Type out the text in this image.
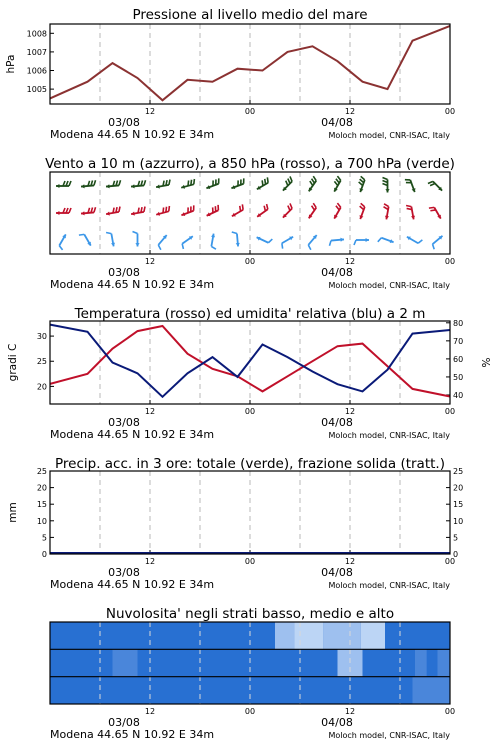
12	00	12	00
03/08	04/08
Modena 44.65 N 10.92 E 34m	Moloch model, CNR-ISAC, Italy
Pressione al livello medio del mare
1005
1006
1007
1008
hPa
12	00	12	00
03/08	04/08
Modena 44.65 N 10.92 E 34m	Moloch model, CNR-ISAC, Italy
Vento a 10 m (azzurro), a 850 hPa (rosso), a 700 hPa (verde)
12	00	12	00
03/08	04/08
Modena 44.65 N 10.92 E 34m	Moloch model, CNR-ISAC, Italy
Temperatura (rosso) ed umidita' relativa (blu) a 2 m
20
25
30
40
50
60
70
80
gradi C	%
12	00	12	00
03/08	04/08
Modena 44.65 N 10.92 E 34m	Moloch model, CNR-ISAC, Italy
Precip. acc. in 3 ore: totale (verde), frazione solida (tratt.)
0
5
10
15
20
25
0
5
10
15
20
25
mm
12	00	12	00
03/08	04/08
Modena 44.65 N 10.92 E 34m	Moloch model, CNR-ISAC, Italy
Nuvolosita' negli strati basso, medio e alto
